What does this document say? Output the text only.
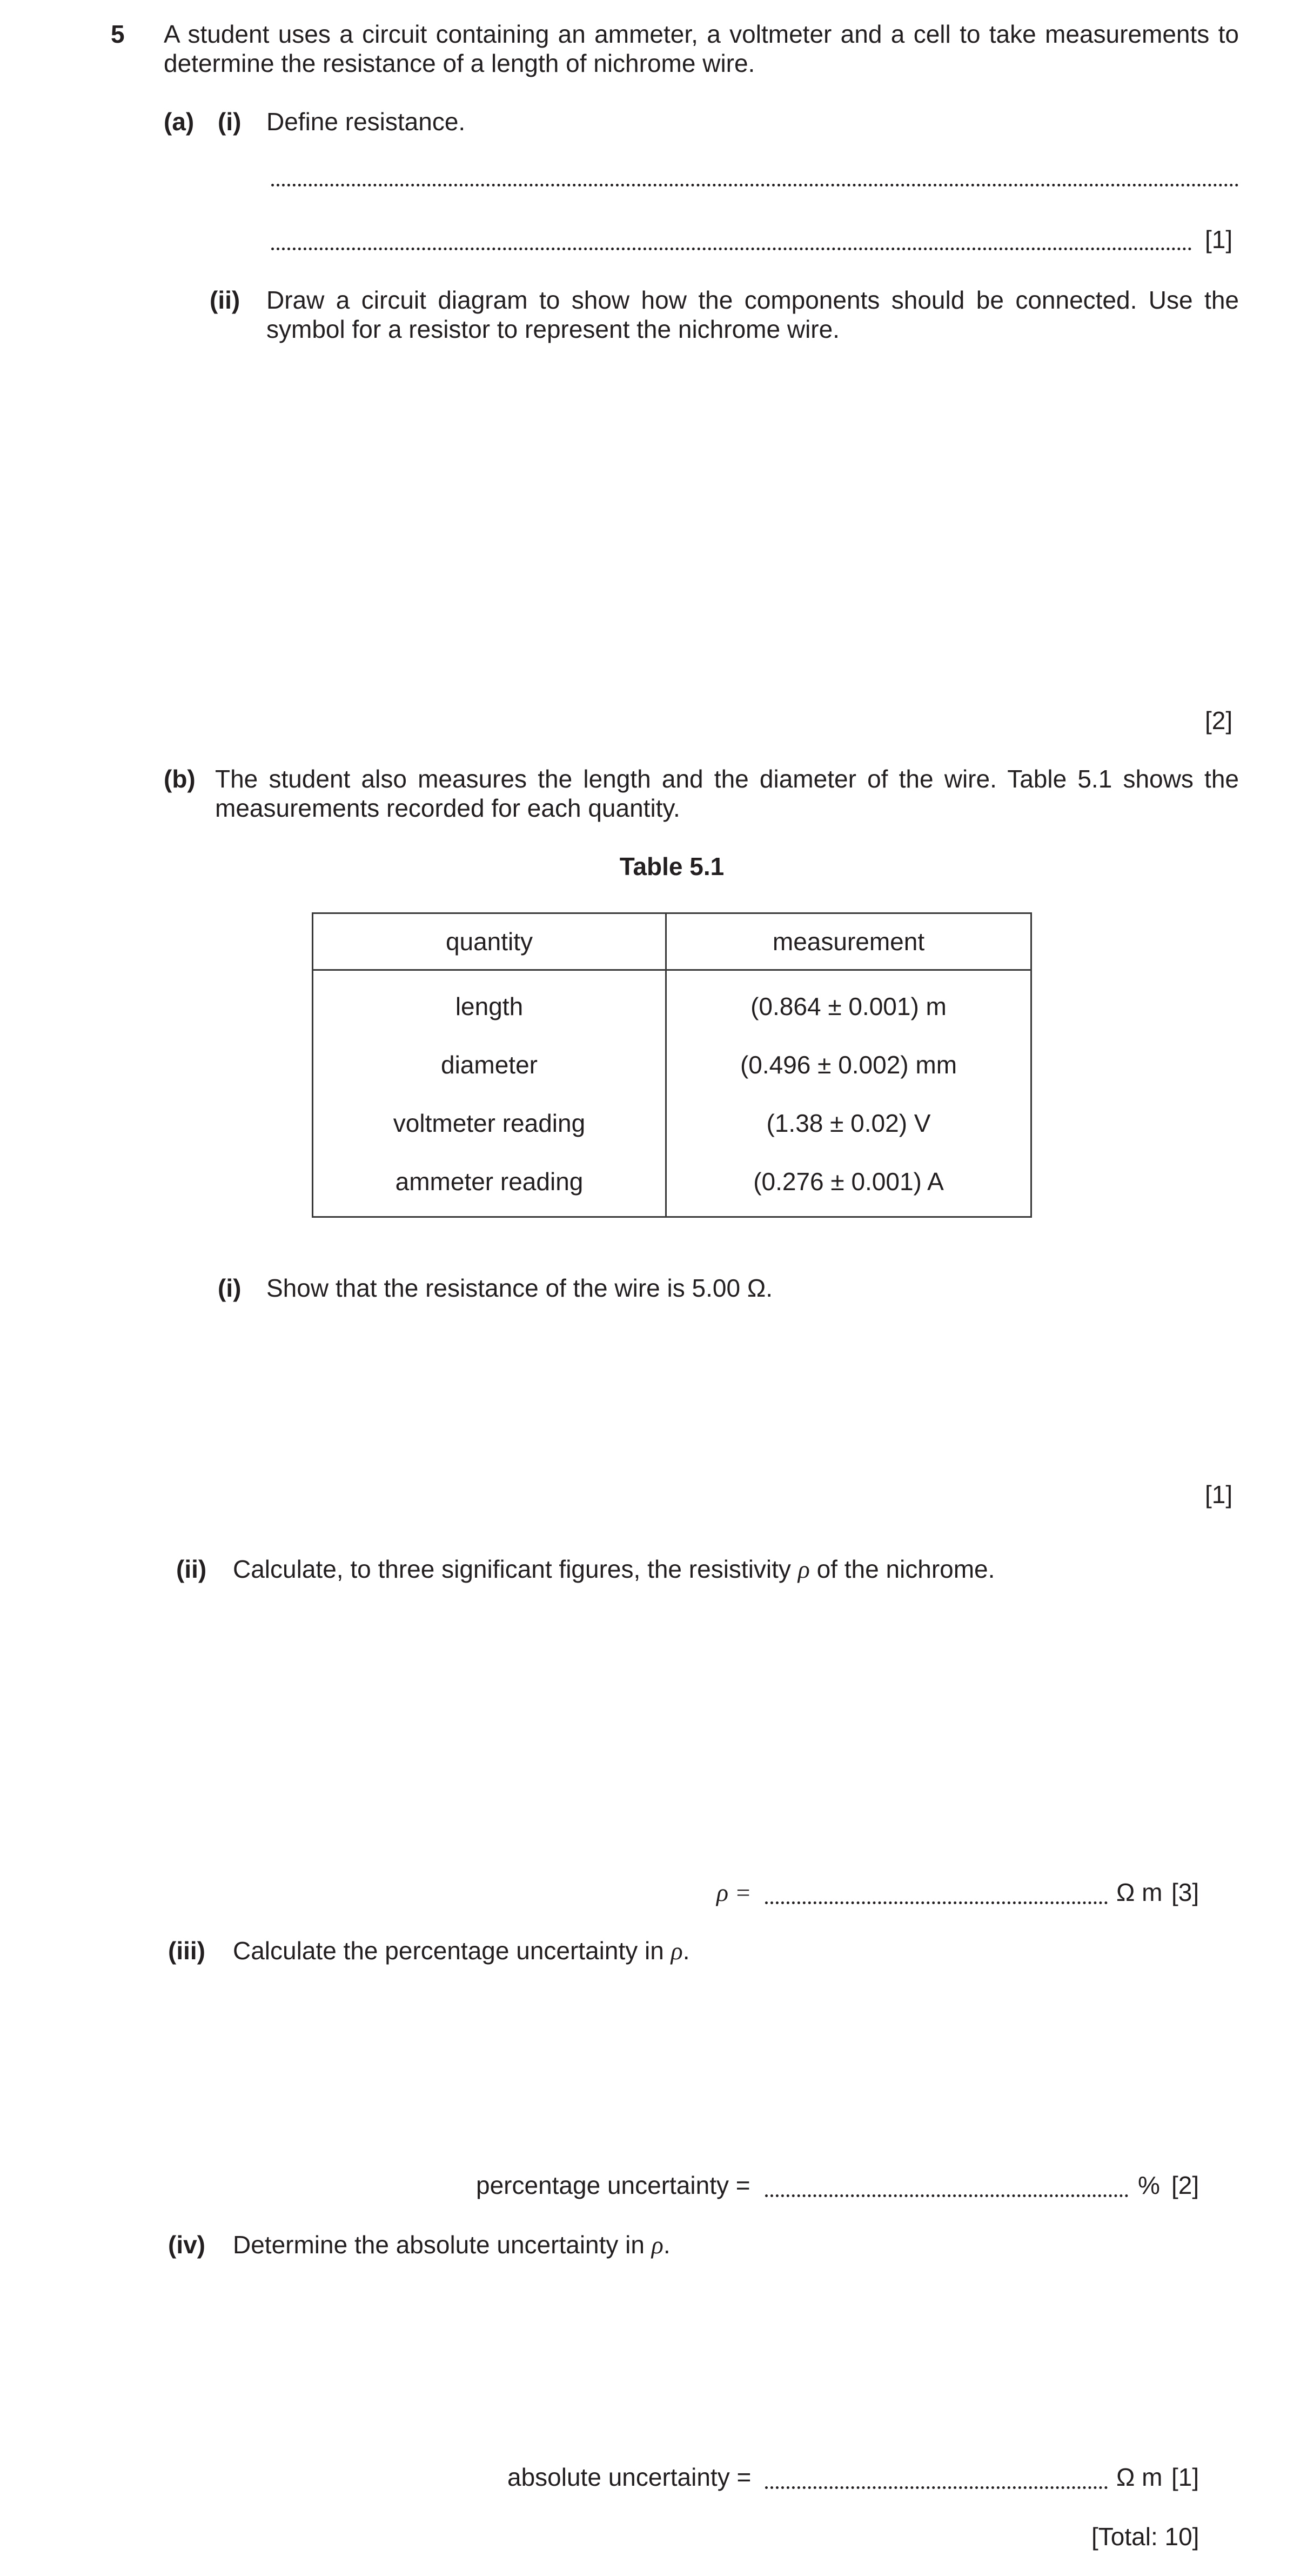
5 A student uses a circuit containing an ammeter, a voltmeter and a cell to take measurements to determine the resistance of a length of nichrome wire.
(a) (i) Define resistance.
[1]
(ii) Draw a circuit diagram to show how the components should be connected. Use the symbol for a resistor to represent the nichrome wire.
[2]
(b) The student also measures the length and the diameter of the wire. Table 5.1 shows the measurements recorded for each quantity.
Table 5.1
quantity	measurement
length	(0.864 ± 0.001) m
diameter	(0.496 ± 0.002) mm
voltmeter reading	(1.38 ± 0.02) V
ammeter reading	(0.276 ± 0.001) A
(i) Show that the resistance of the wire is 5.00 Ω.
[1]
(ii) Calculate, to three significant figures, the resistivity ρ of the nichrome.
ρ =	Ω m [3]
(iii) Calculate the percentage uncertainty in ρ.
percentage uncertainty =	% [2]
(iv) Determine the absolute uncertainty in ρ.
absolute uncertainty =	Ω m [1]
[Total: 10]
